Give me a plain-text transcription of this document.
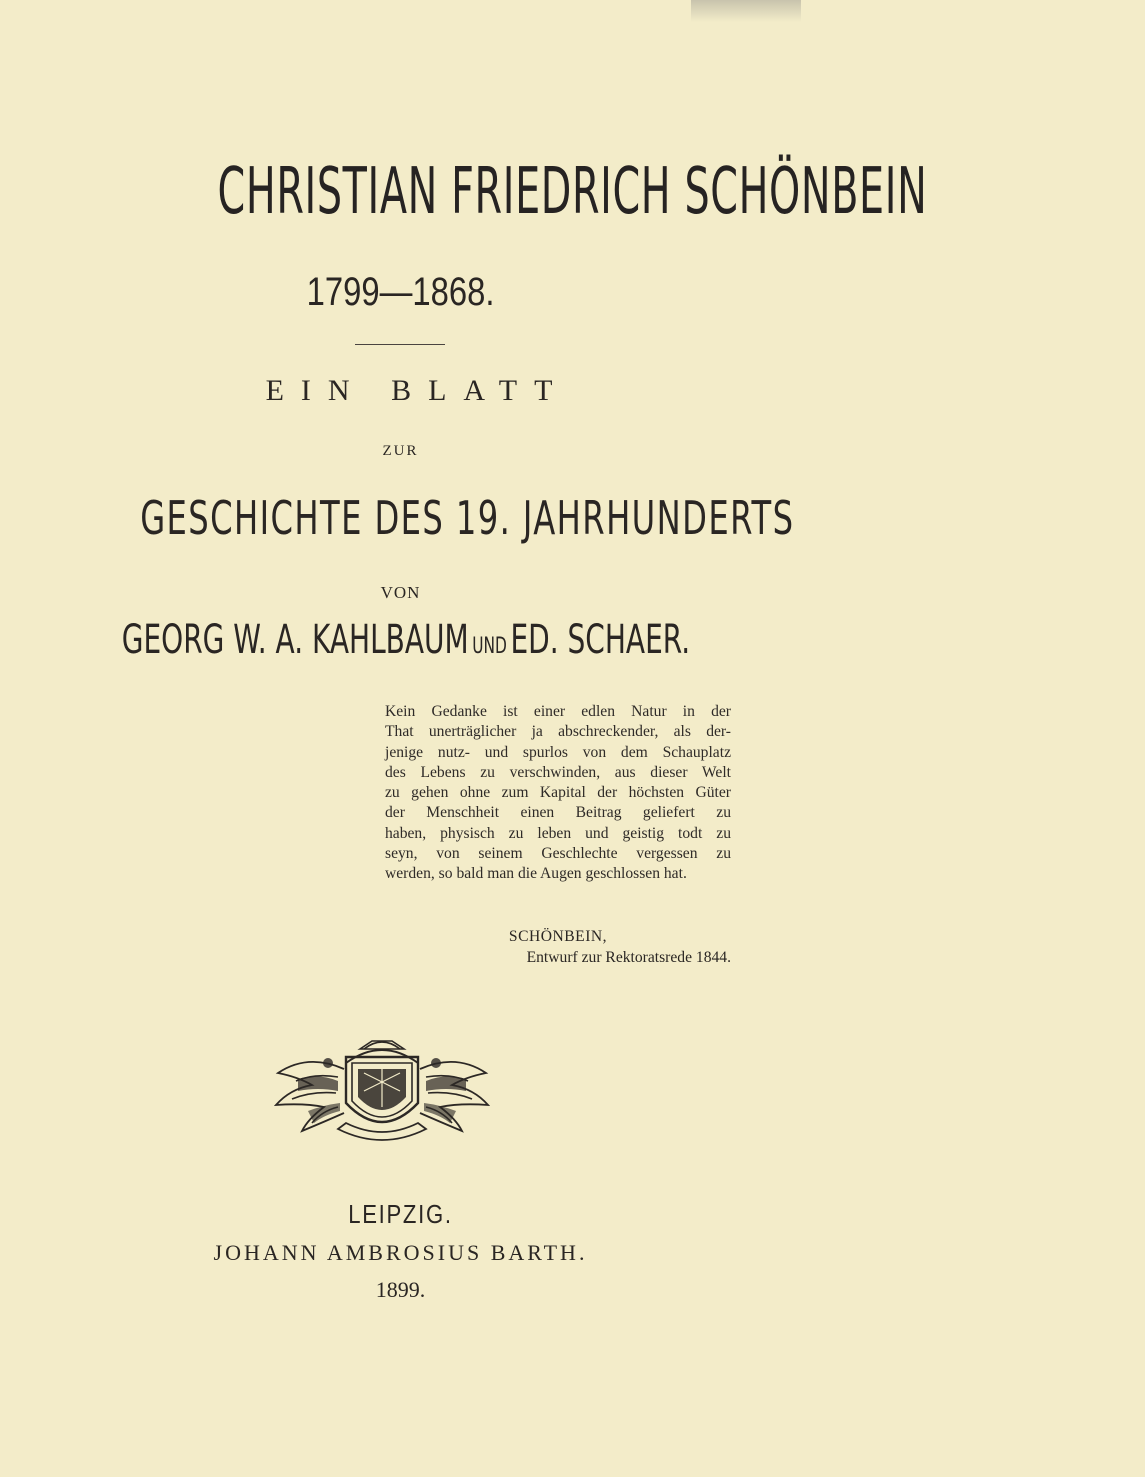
CHRISTIAN FRIEDRICH SCHÖNBEIN
1799—1868.
EIN BLATT
ZUR
GESCHICHTE DES 19. JAHRHUNDERTS
VON
GEORG W. A. KAHLBAUM UND ED. SCHAER.
Kein Gedanke ist einer edlen Natur in der
That unerträglicher ja abschreckender, als der-
jenige nutz- und spurlos von dem Schauplatz
des Lebens zu verschwinden, aus dieser Welt
zu gehen ohne zum Kapital der höchsten Güter
der Menschheit einen Beitrag geliefert zu
haben, physisch zu leben und geistig todt zu
seyn, von seinem Geschlechte vergessen zu
werden, so bald man die Augen geschlossen hat.
SCHÖNBEIN,
Entwurf zur Rektoratsrede 1844.
LEIPZIG.
JOHANN AMBROSIUS BARTH.
1899.
